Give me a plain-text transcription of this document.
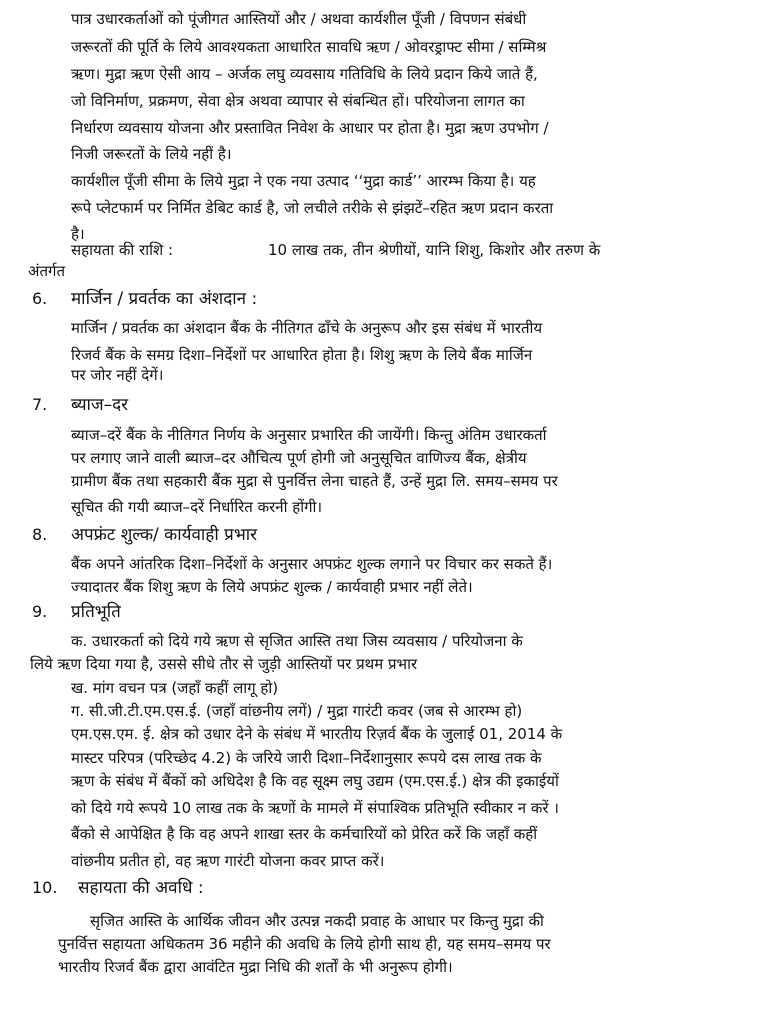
पात्र उधारकर्ताओं को पूंजीगत आस्तियों और / अथवा कार्यशील पूँजी / विपणन संबंधी
जरूरतों की पूर्ति के लिये आवश्यकता आधारित सावधि ऋण / ओवरड्राफ्ट सीमा / सम्मिश्र
ऋण। मुद्रा ऋण ऐसी आय – अर्जक लघु व्यवसाय गतिविधि के लिये प्रदान किये जाते हैं,
जो विनिर्माण, प्रक्रमण, सेवा क्षेत्र अथवा व्यापार से संबन्धित हों। परियोजना लागत का
निर्धारण व्यवसाय योजना और प्रस्तावित निवेश के आधार पर होता है। मुद्रा ऋण उपभोग /
निजी जरूरतों के लिये नहीं है।
कार्यशील पूँजी सीमा के लिये मुद्रा ने एक नया उत्पाद ‘‘मुद्रा कार्ड’’ आरम्भ किया है। यह
रूपे प्लेटफार्म पर निर्मित डेबिट कार्ड है, जो लचीले तरीके से झंझटें–रहित ऋण प्रदान करता
है।
सहायता की राशि :	10 लाख तक, तीन श्रेणीयों, यानि शिशु, किशोर और तरुण के
अंतर्गत
6. मार्जिन / प्रवर्तक का अंशदान :
मार्जिन / प्रवर्तक का अंशदान बैंक के नीतिगत ढाँचे के अनुरूप और इस संबंध में भारतीय
रिजर्व बैंक के समग्र दिशा–निर्देशों पर आधारित होता है। शिशु ऋण के लिये बैंक मार्जिन
पर जोर नहीं देगें।
7. ब्याज–दर
ब्याज–दरें बैंक के नीतिगत निर्णय के अनुसार प्रभारित की जायेंगी। किन्तु अंतिम उधारकर्ता
पर लगाए जाने वाली ब्याज–दर औचित्य पूर्ण होगी जो अनुसूचित वाणिज्य बैंक, क्षेत्रीय
ग्रामीण बैंक तथा सहकारी बैंक मुद्रा से पुनर्वित्त लेना चाहते हैं, उन्हें मुद्रा लि. समय–समय पर
सूचित की गयी ब्याज–दरें निर्धारित करनी होंगी।
8. अपफ्रंट शुल्क/ कार्यवाही प्रभार
बैंक अपने आंतरिक दिशा–निर्देशों के अनुसार अपफ्रंट शुल्क लगाने पर विचार कर सकते हैं।
ज्यादातर बैंक शिशु ऋण के लिये अपफ्रंट शुल्क / कार्यवाही प्रभार नहीं लेते।
9. प्रतिभूति
क. उधारकर्ता को दिये गये ऋण से सृजित आस्ति तथा जिस व्यवसाय / परियोजना के
लिये ऋण दिया गया है, उससे सीधे तौर से जुड़ी आस्तियों पर प्रथम प्रभार
ख. मांग वचन पत्र (जहाँ कहीं लागू हो)
ग. सी.जी.टी.एम.एस.ई. (जहाँ वांछनीय लगें) / मुद्रा गारंटी कवर (जब से आरम्भ हो)
एम.एस.एम. ई. क्षेत्र को उधार देने के संबंध में भारतीय रिज़र्व बैंक के जुलाई 01, 2014 के
मास्टर परिपत्र (परिच्छेद 4.2) के जरिये जारी दिशा–निर्देशानुसार रूपये दस लाख तक के
ऋण के संबंध में बैंकों को अधिदेश है कि वह सूक्ष्म लघु उद्यम (एम.एस.ई.) क्षेत्र की इकाईयों
को दिये गये रूपये 10 लाख तक के ऋणों के मामले में संपाश्विक प्रतिभूति स्वीकार न करें ।
बैंको से आपेक्षित है कि वह अपने शाखा स्तर के कर्मचारियों को प्रेरित करें कि जहाँ कहीं
वांछनीय प्रतीत हो, वह ऋण गारंटी योजना कवर प्राप्त करें।
10. सहायता की अवधि :
सृजित आस्ति के आर्थिक जीवन और उत्पन्न नकदी प्रवाह के आधार पर किन्तु मुद्रा की
पुनर्वित्त सहायता अधिकतम 36 महीने की अवधि के लिये होगी साथ ही, यह समय–समय पर
भारतीय रिजर्व बैंक द्वारा आवंटित मुद्रा निधि की शर्तों के भी अनुरूप होगी।
